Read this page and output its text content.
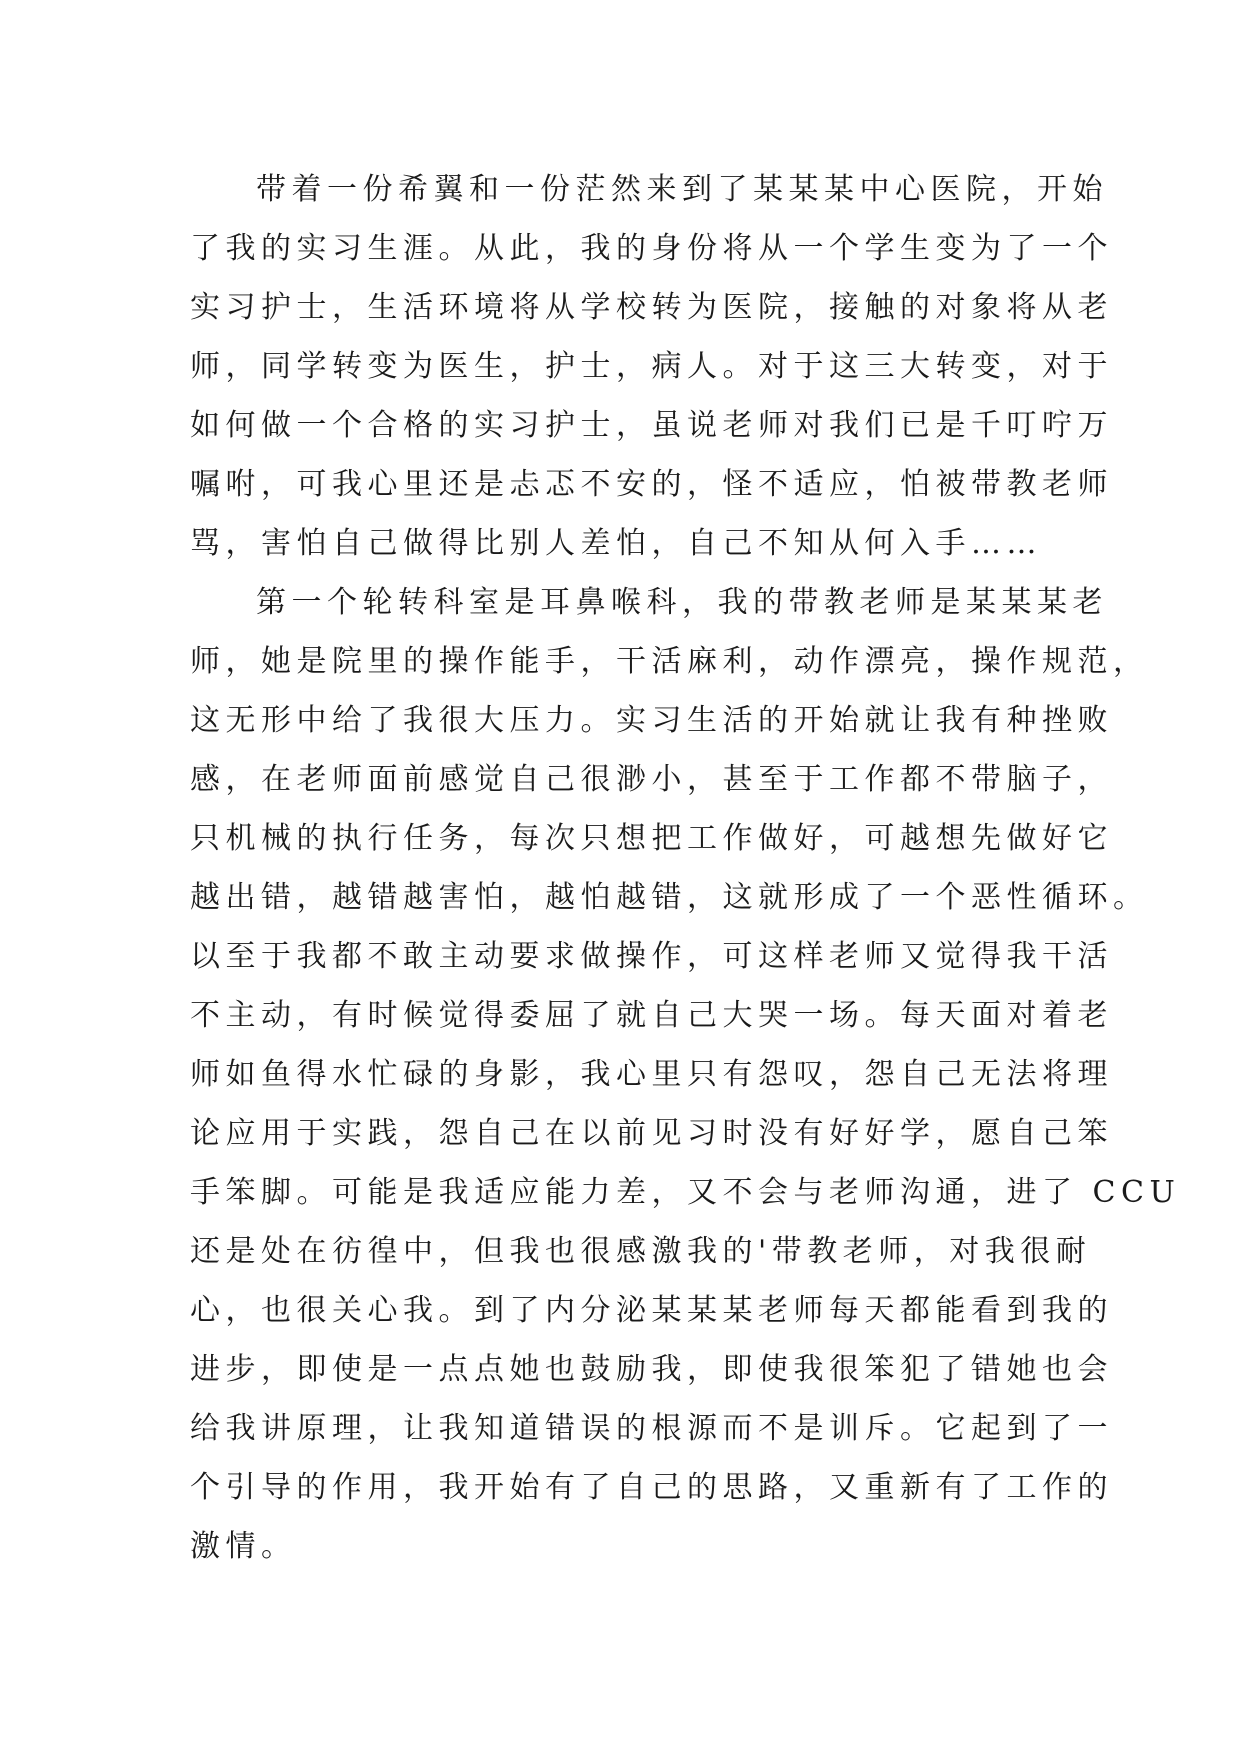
带着一份希翼和一份茫然来到了某某某中心医院，开始
了我的实习生涯。从此，我的身份将从一个学生变为了一个
实习护士，生活环境将从学校转为医院，接触的对象将从老
师，同学转变为医生，护士，病人。对于这三大转变，对于
如何做一个合格的实习护士，虽说老师对我们已是千叮咛万
嘱咐，可我心里还是忐忑不安的，怪不适应，怕被带教老师
骂，害怕自己做得比别人差怕，自己不知从何入手……
第一个轮转科室是耳鼻喉科，我的带教老师是某某某老
师，她是院里的操作能手，干活麻利，动作漂亮，操作规范，
这无形中给了我很大压力。实习生活的开始就让我有种挫败
感，在老师面前感觉自己很渺小，甚至于工作都不带脑子，
只机械的执行任务，每次只想把工作做好，可越想先做好它
越出错，越错越害怕，越怕越错，这就形成了一个恶性循环。
以至于我都不敢主动要求做操作，可这样老师又觉得我干活
不主动，有时候觉得委屈了就自己大哭一场。每天面对着老
师如鱼得水忙碌的身影，我心里只有怨叹，怨自己无法将理
论应用于实践，怨自己在以前见习时没有好好学，愿自己笨
手笨脚。可能是我适应能力差，又不会与老师沟通，进了 CCU
还是处在彷徨中，但我也很感激我的'带教老师，对我很耐
心，也很关心我。到了内分泌某某某老师每天都能看到我的
进步，即使是一点点她也鼓励我，即使我很笨犯了错她也会
给我讲原理，让我知道错误的根源而不是训斥。它起到了一
个引导的作用，我开始有了自己的思路，又重新有了工作的
激情。
